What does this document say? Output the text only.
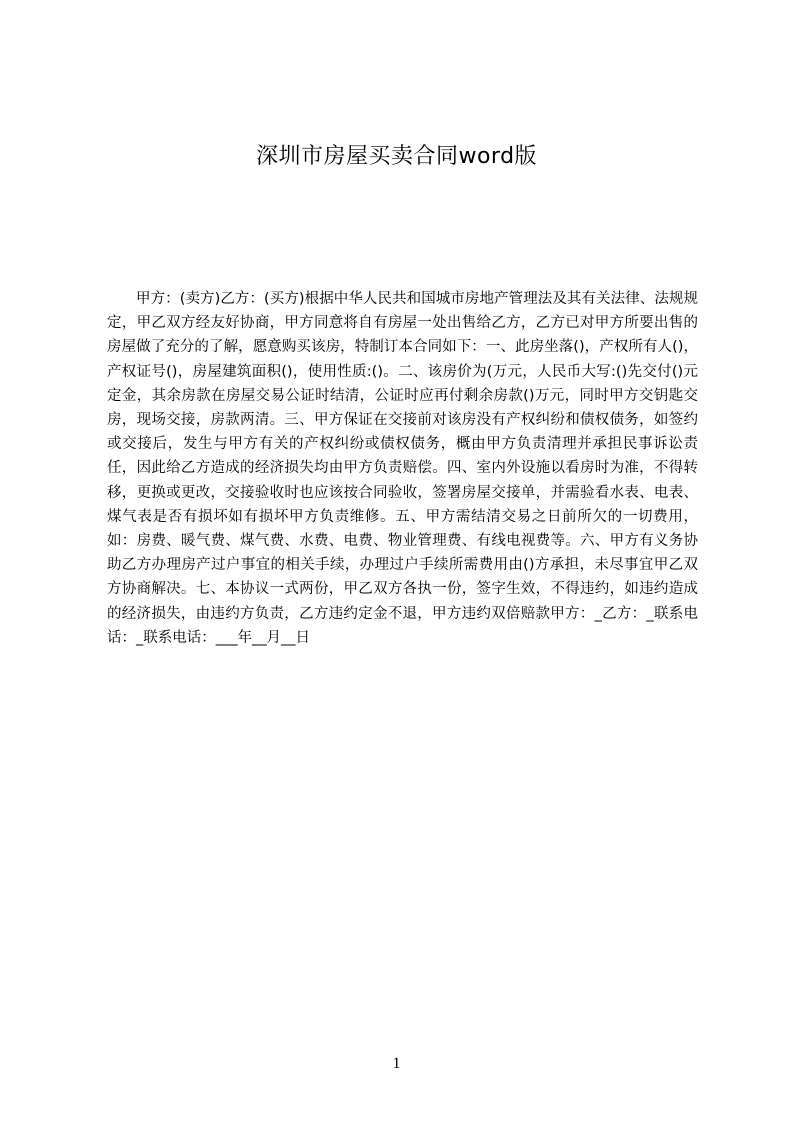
深圳市房屋买卖合同word版

甲方：(卖方)乙方：(买方)根据中华人民共和国城市房地产管理法及其有关法律、法规规定，甲乙双方经友好协商，甲方同意将自有房屋一处出售给乙方，乙方已对甲方所要出售的房屋做了充分的了解，愿意购买该房，特制订本合同如下：一、此房坐落()，产权所有人()，产权证号()，房屋建筑面积()，使用性质:()。二、该房价为(万元，人民币大写:()先交付()元定金，其余房款在房屋交易公证时结清，公证时应再付剩余房款()万元，同时甲方交钥匙交房，现场交接，房款两清。三、甲方保证在交接前对该房没有产权纠纷和债权债务，如签约或交接后，发生与甲方有关的产权纠纷或债权债务，概由甲方负责清理并承担民事诉讼责任，因此给乙方造成的经济损失均由甲方负责赔偿。四、室内外设施以看房时为准，不得转移，更换或更改，交接验收时也应该按合同验收，签署房屋交接单，并需验看水表、电表、煤气表是否有损坏如有损坏甲方负责维修。五、甲方需结清交易之日前所欠的一切费用，如：房费、暖气费、煤气费、水费、电费、物业管理费、有线电视费等。六、甲方有义务协助乙方办理房产过户事宜的相关手续，办理过户手续所需费用由()方承担，未尽事宜甲乙双方协商解决。七、本协议一式两份，甲乙双方各执一份，签字生效，不得违约，如违约造成的经济损失，由违约方负责，乙方违约定金不退，甲方违约双倍赔款甲方：_乙方：_联系电话：_联系电话：___年__月__日

1
